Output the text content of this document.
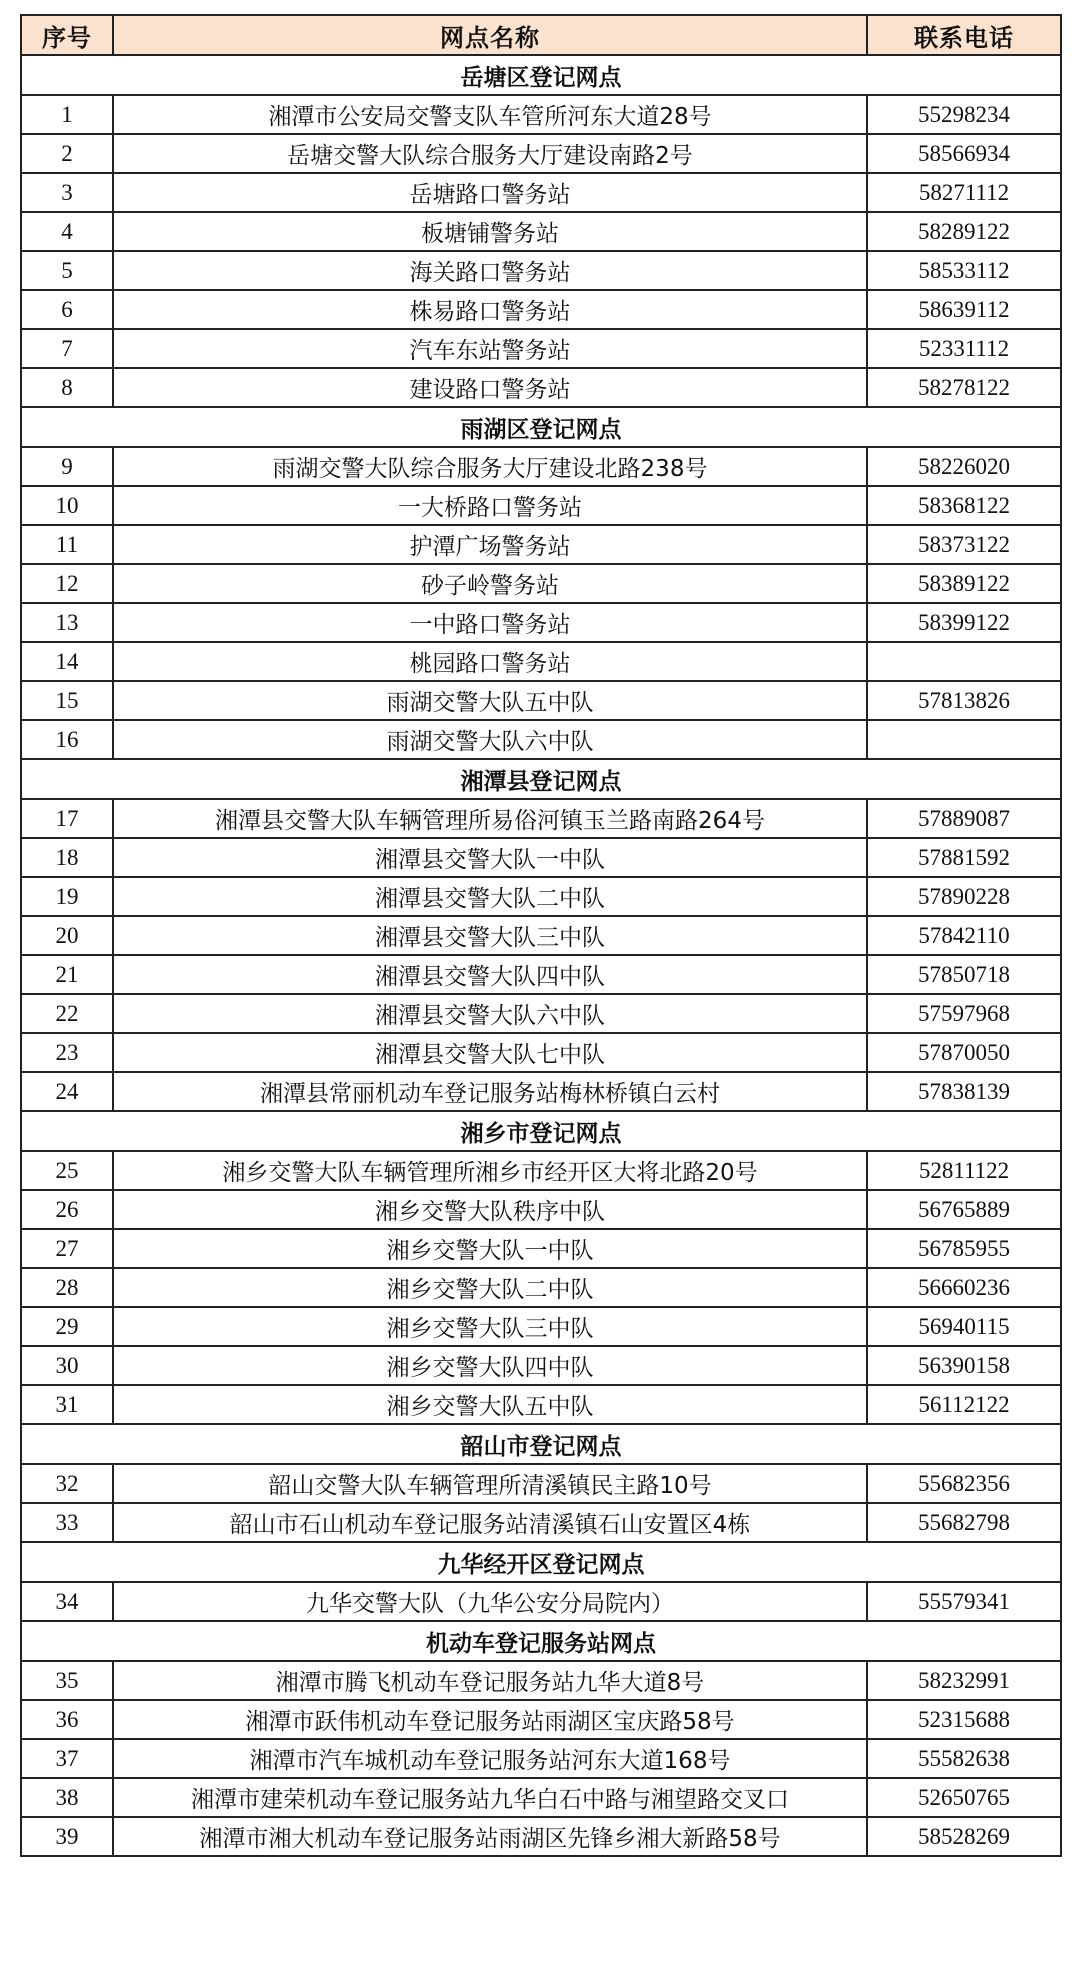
序号	网点名称	联系电话
岳塘区登记网点		
1	湘潭市公安局交警支队车管所河东大道28号	55298234
2	岳塘交警大队综合服务大厅建设南路2号	58566934
3	岳塘路口警务站	58271112
4	板塘铺警务站	58289122
5	海关路口警务站	58533112
6	株易路口警务站	58639112
7	汽车东站警务站	52331112
8	建设路口警务站	58278122
雨湖区登记网点		
9	雨湖交警大队综合服务大厅建设北路238号	58226020
10	一大桥路口警务站	58368122
11	护潭广场警务站	58373122
12	砂子岭警务站	58389122
13	一中路口警务站	58399122
14	桃园路口警务站	
15	雨湖交警大队五中队	57813826
16	雨湖交警大队六中队	
湘潭县登记网点		
17	湘潭县交警大队车辆管理所易俗河镇玉兰路南路264号	57889087
18	湘潭县交警大队一中队	57881592
19	湘潭县交警大队二中队	57890228
20	湘潭县交警大队三中队	57842110
21	湘潭县交警大队四中队	57850718
22	湘潭县交警大队六中队	57597968
23	湘潭县交警大队七中队	57870050
24	湘潭县常丽机动车登记服务站梅林桥镇白云村	57838139
湘乡市登记网点		
25	湘乡交警大队车辆管理所湘乡市经开区大将北路20号	52811122
26	湘乡交警大队秩序中队	56765889
27	湘乡交警大队一中队	56785955
28	湘乡交警大队二中队	56660236
29	湘乡交警大队三中队	56940115
30	湘乡交警大队四中队	56390158
31	湘乡交警大队五中队	56112122
韶山市登记网点		
32	韶山交警大队车辆管理所清溪镇民主路10号	55682356
33	韶山市石山机动车登记服务站清溪镇石山安置区4栋	55682798
九华经开区登记网点		
34	九华交警大队（九华公安分局院内）	55579341
机动车登记服务站网点		
35	湘潭市腾飞机动车登记服务站九华大道8号	58232991
36	湘潭市跃伟机动车登记服务站雨湖区宝庆路58号	52315688
37	湘潭市汽车城机动车登记服务站河东大道168号	55582638
38	湘潭市建荣机动车登记服务站九华白石中路与湘望路交叉口	52650765
39	湘潭市湘大机动车登记服务站雨湖区先锋乡湘大新路58号	58528269
